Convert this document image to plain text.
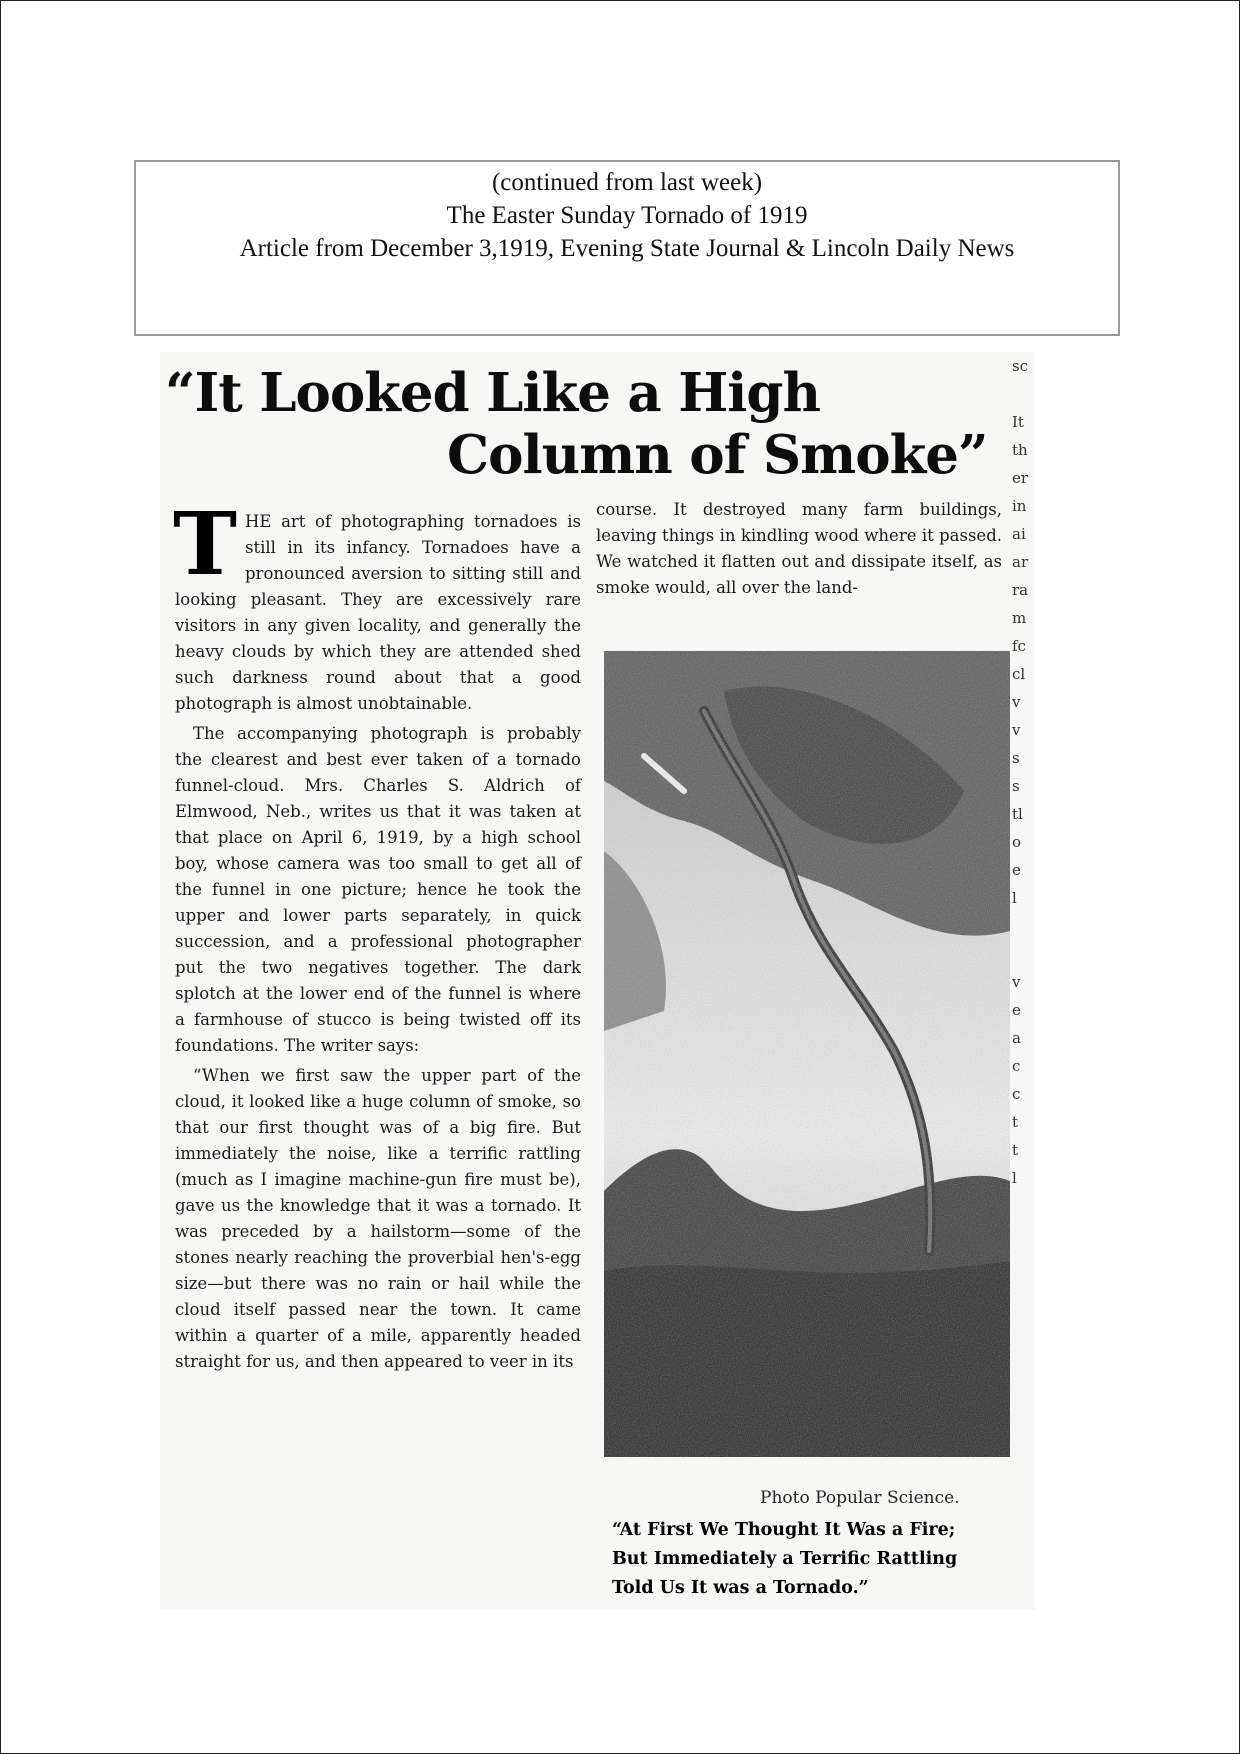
(continued from last week)
The Easter Sunday Tornado of 1919
Article from December 3,1919, Evening State Journal & Lincoln Daily News
“It Looked Like a High
Column of Smoke”

THE art of photographing tornadoes is still in its infancy. Tornadoes have a pronounced aversion to sitting still and looking pleasant. They are excessively rare visitors in any given locality, and generally the heavy clouds by which they are attended shed such darkness round about that a good photograph is almost unobtainable.

The accompanying photograph is probably the clearest and best ever taken of a tornado funnel-cloud. Mrs. Charles S. Aldrich of Elmwood, Neb., writes us that it was taken at that place on April 6, 1919, by a high school boy, whose camera was too small to get all of the funnel in one picture; hence he took the upper and lower parts separately, in quick succession, and a professional photographer put the two negatives together. The dark splotch at the lower end of the funnel is where a farmhouse of stucco is being twisted off its foundations. The writer says:

“When we first saw the upper part of the cloud, it looked like a huge column of smoke, so that our first thought was of a big fire. But immediately the noise, like a terrific rattling (much as I imagine machine-gun fire must be), gave us the knowledge that it was a tornado. It was preceded by a hailstorm—some of the stones nearly reaching the proverbial hen's-egg size—but there was no rain or hail while the cloud itself passed near the town. It came within a quarter of a mile, apparently headed straight for us, and then appeared to veer in its

course. It destroyed many farm buildings, leaving things in kindling wood where it passed. We watched it flatten out and dissipate itself, as smoke would, all over the land-

Photo Popular Science.
“At First We Thought It Was a Fire;
But Immediately a Terrific Rattling
Told Us It was a Tornado.”
sc
It
th
er
in
ai
ar
ra
m
fc
cl
v
v
s
s
tl
o
e
l
v
e
a
c
c
t
t
l
